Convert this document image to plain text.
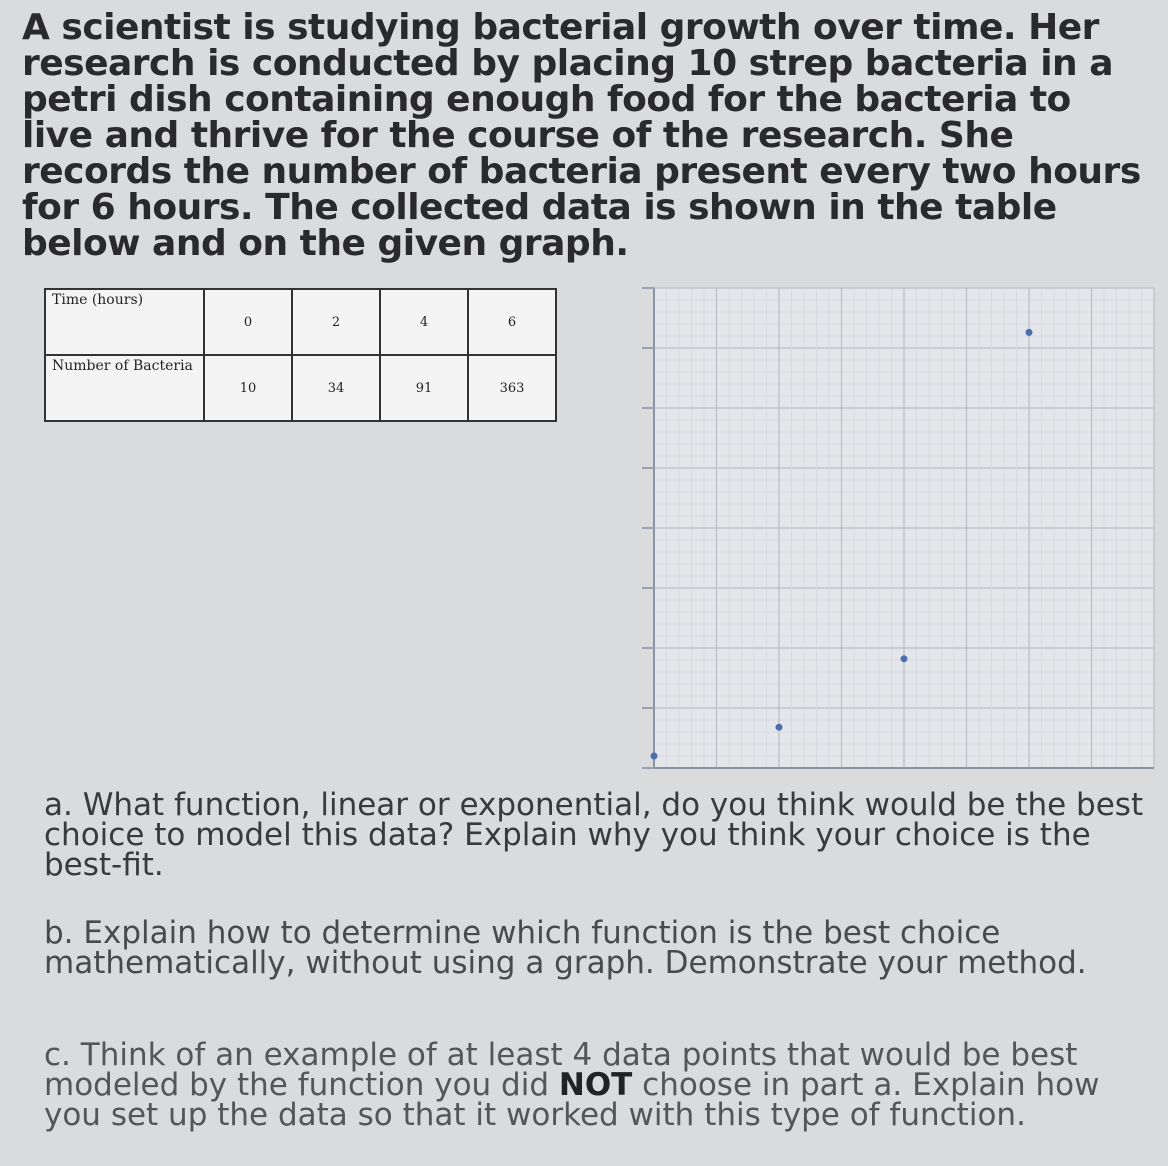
A scientist is studying bacterial growth over time. Her research is conducted by placing 10 strep bacteria in a petri dish containing enough food for the bacteria to live and thrive for the course of the research. She records the number of bacteria present every two hours for 6 hours. The collected data is shown in the table below and on the given graph.
Time (hours)	0	2	4	6
Number of Bacteria	10	34	91	363

a. What function, linear or exponential, do you think would be the best choice to model this data? Explain why you think your choice is the best-fit.

b. Explain how to determine which function is the best choice mathematically, without using a graph. Demonstrate your method.

c. Think of an example of at least 4 data points that would be best modeled by the function you did NOT choose in part a. Explain how you set up the data so that it worked with this type of function.
